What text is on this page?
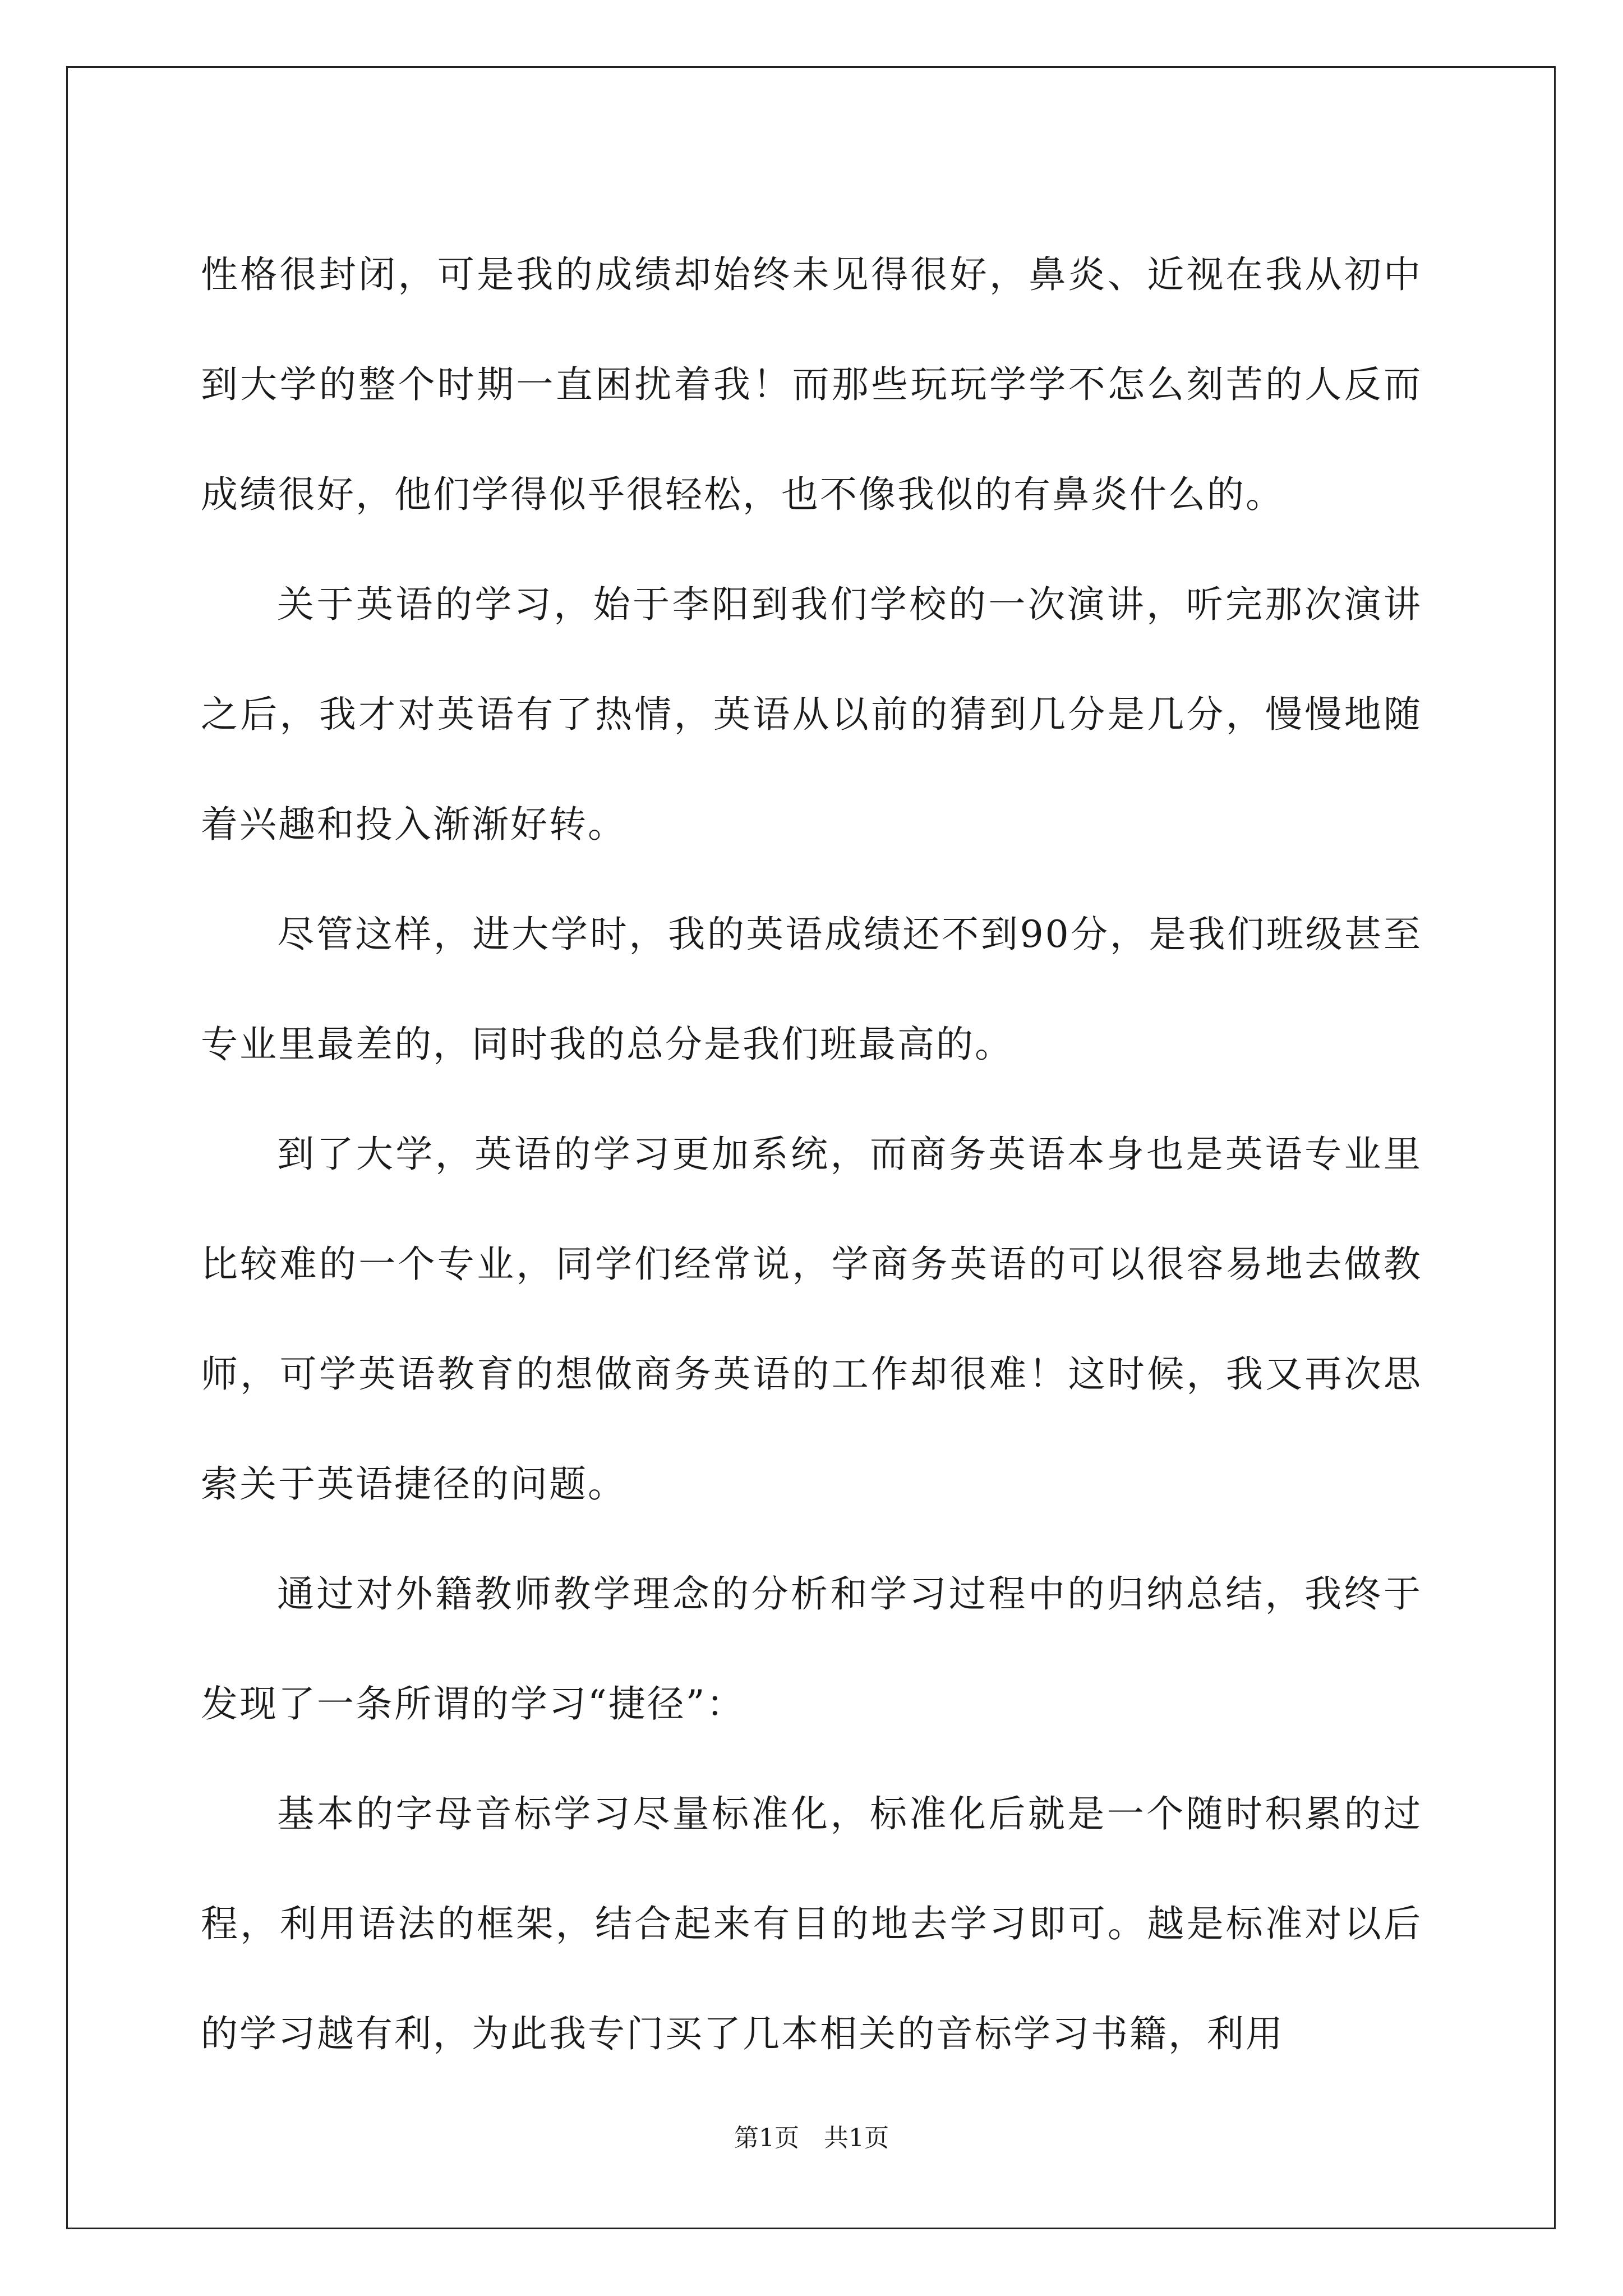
性格很封闭，可是我的成绩却始终未见得很好，鼻炎、近视在我从初中到大学的整个时期一直困扰着我！而那些玩玩学学不怎么刻苦的人反而成绩很好，他们学得似乎很轻松，也不像我似的有鼻炎什么的。

关于英语的学习，始于李阳到我们学校的一次演讲，听完那次演讲之后，我才对英语有了热情，英语从以前的猜到几分是几分，慢慢地随着兴趣和投入渐渐好转。

尽管这样，进大学时，我的英语成绩还不到90分，是我们班级甚至专业里最差的，同时我的总分是我们班最高的。

到了大学，英语的学习更加系统，而商务英语本身也是英语专业里比较难的一个专业，同学们经常说，学商务英语的可以很容易地去做教师，可学英语教育的想做商务英语的工作却很难！这时候，我又再次思索关于英语捷径的问题。

通过对外籍教师教学理念的分析和学习过程中的归纳总结，我终于发现了一条所谓的学习“捷径”：

基本的字母音标学习尽量标准化，标准化后就是一个随时积累的过程，利用语法的框架，结合起来有目的地去学习即可。越是标准对以后的学习越有利，为此我专门买了几本相关的音标学习书籍，利用

第1页　共1页
